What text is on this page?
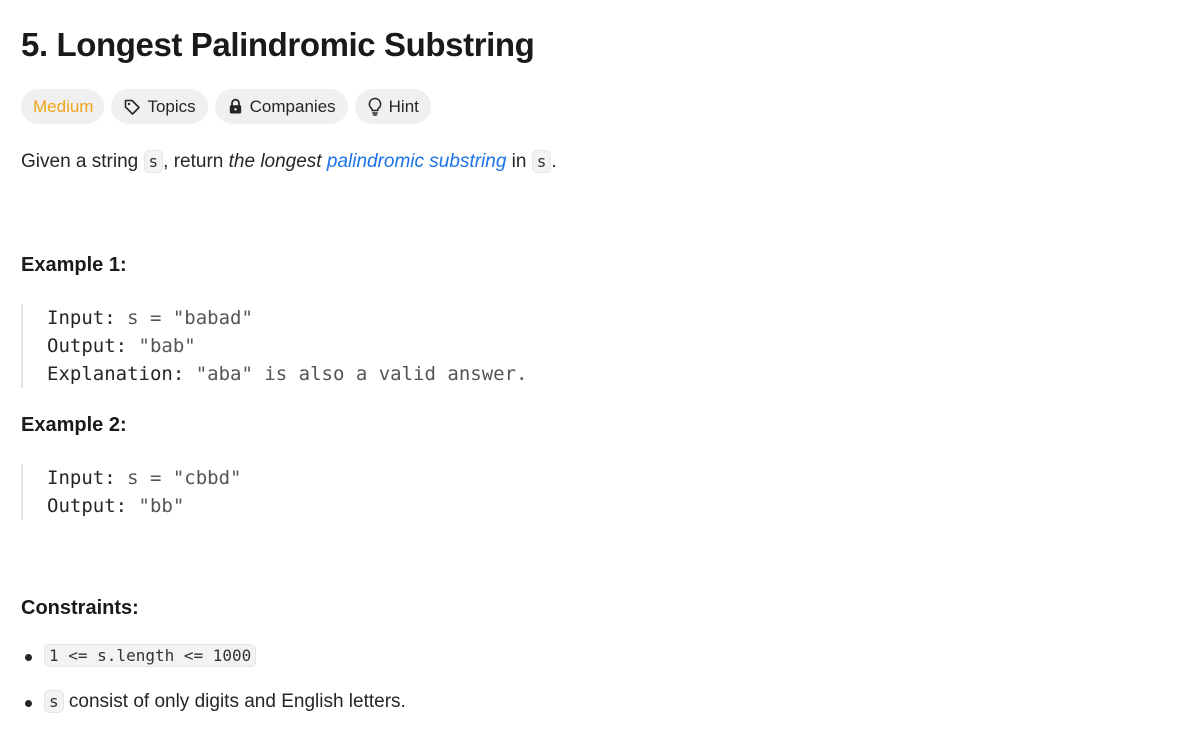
5. Longest Palindromic Substring
Medium	Topics	Companies	Hint

Given a string s , return the longest palindromic substring in s .

Example 1:
Input: s = "babad"
Output: "bab"
Explanation: "aba" is also a valid answer.
Example 2:
Input: s = "cbbd"
Output: "bb"
Constraints:
1 <= s.length <= 1000
s consist of only digits and English letters.
